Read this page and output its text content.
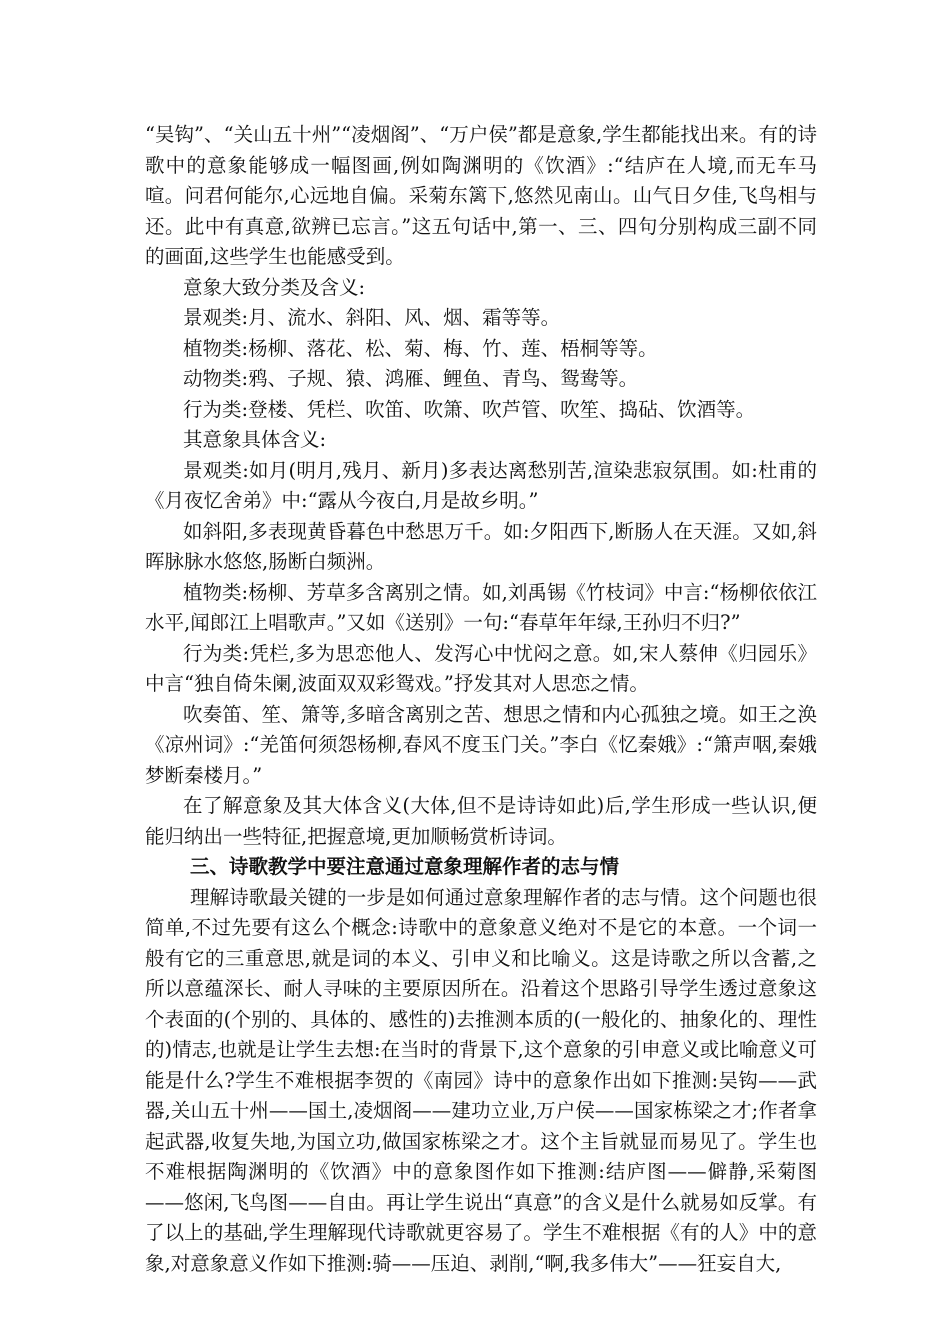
“吴钩”、“关山五十州”“凌烟阁”、“万户侯”都是意象,学生都能找出来。有的诗歌中的意象能够成一幅图画,例如陶渊明的《饮酒》:“结庐在人境,而无车马喧。问君何能尔,心远地自偏。采菊东篱下,悠然见南山。山气日夕佳,飞鸟相与还。此中有真意,欲辨已忘言。”这五句话中,第一、三、四句分别构成三副不同的画面,这些学生也能感受到。

意象大致分类及含义:

景观类:月、流水、斜阳、风、烟、霜等等。

植物类:杨柳、落花、松、菊、梅、竹、莲、梧桐等等。

动物类:鸦、子规、猿、鸿雁、鲤鱼、青鸟、鸳鸯等。

行为类:登楼、凭栏、吹笛、吹箫、吹芦管、吹笙、捣砧、饮酒等。

其意象具体含义:

景观类:如月(明月,残月、新月)多表达离愁别苦,渲染悲寂氛围。如:杜甫的《月夜忆舍弟》中:“露从今夜白,月是故乡明。”

如斜阳,多表现黄昏暮色中愁思万千。如:夕阳西下,断肠人在天涯。又如,斜晖脉脉水悠悠,肠断白频洲。

植物类:杨柳、芳草多含离别之情。如,刘禹锡《竹枝词》中言:“杨柳依依江水平,闻郎江上唱歌声。”又如《送别》一句:“春草年年绿,王孙归不归?”

行为类:凭栏,多为思恋他人、发泻心中忧闷之意。如,宋人蔡伸《归园乐》中言“独自倚朱阑,波面双双彩鸳戏。”抒发其对人思恋之情。

吹奏笛、笙、箫等,多暗含离别之苦、想思之情和内心孤独之境。如王之涣《凉州词》:“羌笛何须怨杨柳,春风不度玉门关。”李白《忆秦娥》:“箫声咽,秦娥梦断秦楼月。”

在了解意象及其大体含义(大体,但不是诗诗如此)后,学生形成一些认识,便能归纳出一些特征,把握意境,更加顺畅赏析诗词。

三、诗歌教学中要注意通过意象理解作者的志与情

理解诗歌最关键的一步是如何通过意象理解作者的志与情。这个问题也很简单,不过先要有这么个概念:诗歌中的意象意义绝对不是它的本意。一个词一般有它的三重意思,就是词的本义、引申义和比喻义。这是诗歌之所以含蓄,之所以意蕴深长、耐人寻味的主要原因所在。沿着这个思路引导学生透过意象这个表面的(个别的、具体的、感性的)去推测本质的(一般化的、抽象化的、理性的)情志,也就是让学生去想:在当时的背景下,这个意象的引申意义或比喻意义可能是什么?学生不难根据李贺的《南园》诗中的意象作出如下推测:吴钩——武器,关山五十州——国土,凌烟阁——建功立业,万户侯——国家栋梁之才;作者拿起武器,收复失地,为国立功,做国家栋梁之才。这个主旨就显而易见了。学生也不难根据陶渊明的《饮酒》中的意象图作如下推测:结庐图——僻静,采菊图——悠闲,飞鸟图——自由。再让学生说出“真意”的含义是什么就易如反掌。有了以上的基础,学生理解现代诗歌就更容易了。学生不难根据《有的人》中的意象,对意象意义作如下推测:骑——压迫、剥削,“啊,我多伟大”——狂妄自大,
